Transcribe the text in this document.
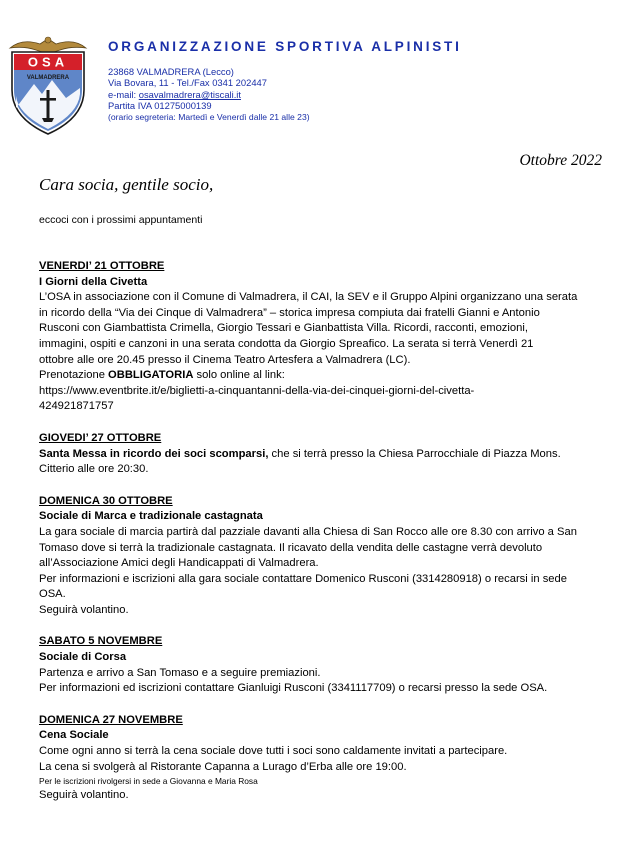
OSA
VALMADRERA
ORGANIZZAZIONE SPORTIVA ALPINISTI
23868 VALMADRERA (Lecco)
Via Bovara, 11 - Tel./Fax 0341 202447
e-mail: osavalmadrera@tiscali.it
Partita IVA 01275000139
(orario segreteria: Martedì e Venerdì dalle 21 alle 23)
Ottobre 2022
Cara socia, gentile socio,
eccoci con i prossimi appuntamenti
VENERDI’ 21 OTTOBRE
I Giorni della Civetta
L’OSA in associazione con il Comune di Valmadrera, il CAI, la SEV e il Gruppo Alpini organizzano una serata
in ricordo della “Via dei Cinque di Valmadrera” – storica impresa compiuta dai fratelli Gianni e Antonio
Rusconi con Giambattista Crimella, Giorgio Tessari e Gianbattista Villa. Ricordi, racconti, emozioni,
immagini, ospiti e canzoni in una serata condotta da Giorgio Spreafico. La serata si terrà Venerdì 21
ottobre alle ore 20.45 presso il Cinema Teatro Artesfera a Valmadrera (LC).
Prenotazione OBBLIGATORIA solo online al link:
https://www.eventbrite.it/e/biglietti-a-cinquantanni-della-via-dei-cinquei-giorni-del-civetta-
424921871757
GIOVEDI’ 27 OTTOBRE
Santa Messa in ricordo dei soci scomparsi, che si terrà presso la Chiesa Parrocchiale di Piazza Mons.
Citterio alle ore 20:30.
DOMENICA 30 OTTOBRE
Sociale di Marca e tradizionale castagnata
La gara sociale di marcia partirà dal pazziale davanti alla Chiesa di San Rocco alle ore 8.30 con arrivo a San
Tomaso dove si terrà la tradizionale castagnata. Il ricavato della vendita delle castagne verrà devoluto
all’Associazione Amici degli Handicappati di Valmadrera.
Per informazioni e iscrizioni alla gara sociale contattare Domenico Rusconi (3314280918) o recarsi in sede
OSA.
Seguirà volantino.
SABATO 5 NOVEMBRE
Sociale di Corsa
Partenza e arrivo a San Tomaso e a seguire premiazioni.
Per informazioni ed iscrizioni contattare Gianluigi Rusconi (3341117709) o recarsi presso la sede OSA.
DOMENICA 27 NOVEMBRE
Cena Sociale
Come ogni anno si terrà la cena sociale dove tutti i soci sono caldamente invitati a partecipare.
La cena si svolgerà al Ristorante Capanna a Lurago d’Erba alle ore 19:00.
Per le iscrizioni rivolgersi in sede a Giovanna e Maria Rosa
Seguirà volantino.
